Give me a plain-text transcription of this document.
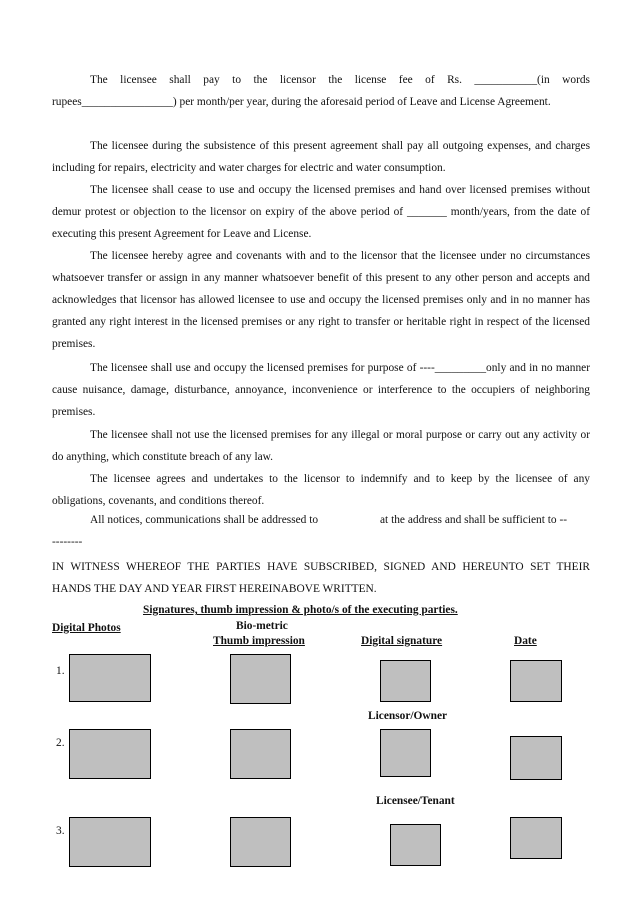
The licensee shall pay to the licensor the license fee of Rs. ___________(in words rupees________________) per month/per year, during the aforesaid period of Leave and License Agreement.

The licensee during the subsistence of this present agreement shall pay all outgoing expenses, and charges including for repairs, electricity and water charges for electric and water consumption.

The licensee shall cease to use and occupy the licensed premises and hand over licensed premises without demur protest or objection to the licensor on expiry of the above period of _______ month/years, from the date of executing this present Agreement for Leave and License.

The licensee hereby agree and covenants with and to the licensor that the licensee under no circumstances whatsoever transfer or assign in any manner whatsoever benefit of this present to any other person and accepts and acknowledges that licensor has allowed licensee to use and occupy the licensed premises only and in no manner has granted any right interest in the licensed premises or any right to transfer or heritable right in respect of the licensed premises.

The licensee shall use and occupy the licensed premises for purpose of ----_________only and in no manner cause nuisance, damage, disturbance, annoyance, inconvenience or interference to the occupiers of neighboring premises.

The licensee shall not use the licensed premises for any illegal or moral purpose or carry out any activity or do anything, which constitute breach of any law.

The licensee agrees and undertakes to the licensor to indemnify and to keep by the licensee of any obligations, covenants, and conditions thereof.

All notices, communications shall be addressed to	at the address and shall be sufficient to --
--------

IN WITNESS WHEREOF THE PARTIES HAVE SUBSCRIBED, SIGNED AND HEREUNTO SET THEIR HANDS THE DAY AND YEAR FIRST HEREINABOVE WRITTEN.

Signatures, thumb impression & photo/s of the executing parties.
Digital Photos	Bio-metric
Thumb impression	Digital signature	Date
1.
Licensor/Owner
2.
Licensee/Tenant
3.
